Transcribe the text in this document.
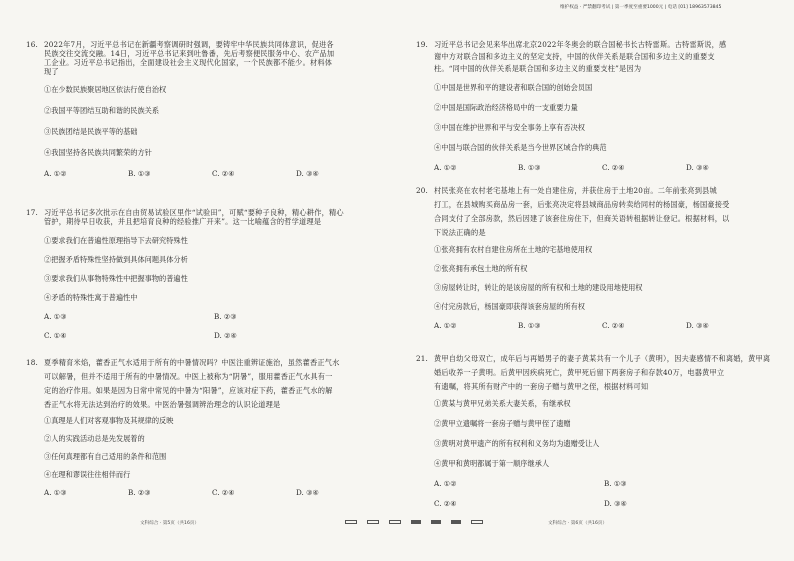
维护权益 · 严禁翻印考试 | 第一季度至重要1000元 | 电话 [01] 18963573845
16. 2022年7月，习近平总书记在新疆考察调研时强调，要铸牢中华民族共同体意识，促进各
民族交往交流交融。14日，习近平总书记来到吐鲁番，先后考察便民服务中心、农产品加
工企业。习近平总书记指出，全面建设社会主义现代化国家，一个民族都不能少。材料体
现了
①在少数民族聚居地区依法行使自治权
②我国平等团结互助和谐的民族关系
③民族团结是民族平等的基础
④我国坚持各民族共同繁荣的方针
A. ①②	B. ①③	C. ②④	D. ③④
17. 习近平总书记多次批示在自由贸易试验区里作“试验田”，可赋“要种子良种，精心耕作，精心
管护，期待早日收获，并且把培育良种的经验推广开来”。这一比喻蕴含的哲学道理是
①要求我们在普遍性原理指导下去研究特殊性
②把握矛盾特殊性坚持做到具体问题具体分析
③要求我们从事物特殊性中把握事物的普遍性
④矛盾的特殊性寓于普遍性中
A. ①③	B. ②③
C. ①④	D. ②④
18. 夏季精育米焰，藿香正气水适用于所有的中暑情况吗？中医注重辨证施治，虽然藿香正气水
可以解暑，但并不适用于所有的中暑情况。中医上被称为“阴暑”，服用藿香正气水具有一
定的治疗作用。如果是因为日常中常见的中暑为“阳暑”，应该对症下药，藿香正气水的解
香正气水将无法达到治疗的效果。中医治暑强调辨治理念的认识论道理是
①真理是人们对客观事物及其规律的反映
②人的实践活动总是先发展着的
③任何真理都有自己适用的条件和范围
④在理和谬误往往相伴而行
A. ①③	B. ②③	C. ②④	D. ③④
文科综合 · 第5页（共16页）
19. 习近平总书记会见来华出席北京2022年冬奥会的联合国秘书长古特雷斯。古特雷斯说，感
谢中方对联合国和多边主义的坚定支持，中国的伙伴关系是联合国和多边主义的重要支
柱。“同中国的伙伴关系是联合国和多边主义的重要支柱”是因为
①中国是世界和平的建设者和联合国的创始会员国
②中国是国际政治经济格局中的一支重要力量
③中国在维护世界和平与安全事务上享有否决权
④中国与联合国的伙伴关系是当今世界区域合作的典范
A. ①②	B. ①③	C. ②④	D. ③④
20. 村民张亮在农村老宅基地上有一处自建住房，并获住房于土地20亩。二年前张亮到县城
打工，在县城购买商品房一套，后张亮决定将县城商品房转卖给同村的杨国豪，杨国豪接受
合同支付了全部房款，然后因建了该套住房住下，但商关语转租据转让登记。根据材料，以
下说法正确的是
①张亮拥有农村自建住房所在土地的宅基地使用权
②张亮拥有承包土地的所有权
③房屋转让时，转让的是该房屋的所有权和土地的建设用地使用权
④付完房款后，杨国豪即获得该套房屋的所有权
A. ①②	B. ①③	C. ②④	D. ③④
21. 黄甲自幼父母双亡，成年后与再婚男子的妻子黄某共有一个儿子（黄明），因夫妻感情不和离婚，黄甲离
婚后收养一子黄明。后黄甲因疾病死亡，黄甲死后留下两套房子和存款40万，电器黄甲立
有遗嘱，将其所有财产中的一套房子赠与黄甲之侄，根据材料可知
①黄某与黄甲兄弟关系大妻关系，有继承权
②黄甲立遗嘱将一套房子赠与黄甲侄了遗赠
③黄明对黄甲遗产的所有权利和义务均为遗赠受让人
④黄甲和黄明都属于第一顺序继承人
A. ①②	B. ①③
C. ②④	D. ③④
文科综合 · 第6页（共16页）
